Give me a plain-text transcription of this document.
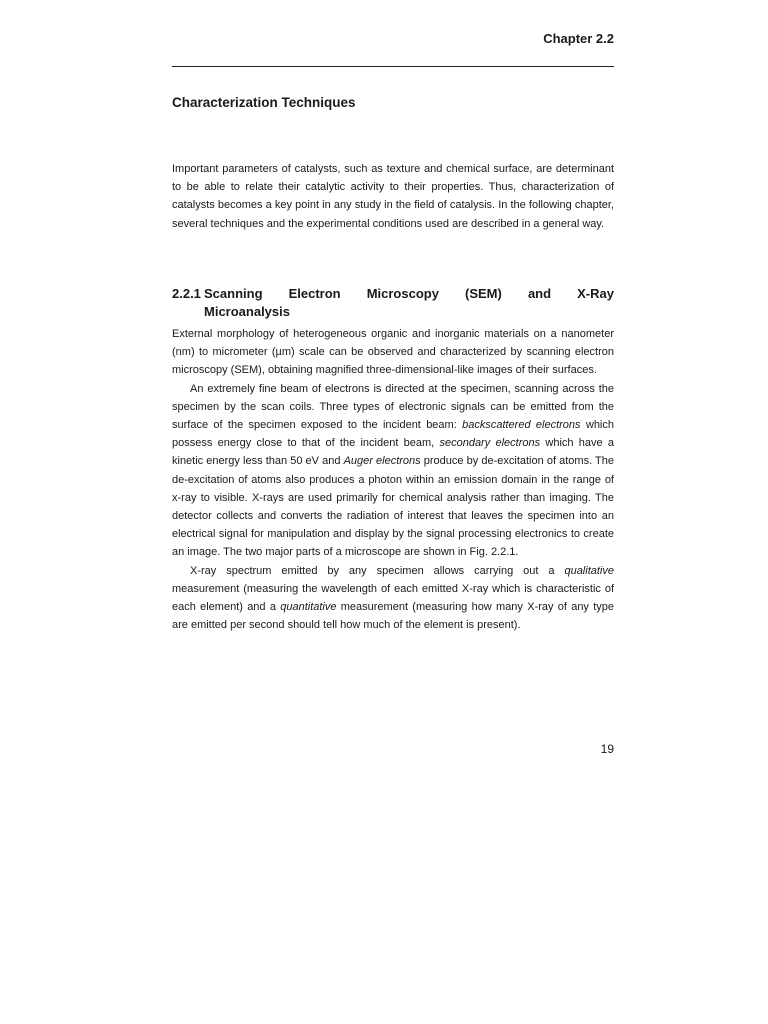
Chapter 2.2
Characterization Techniques

Important parameters of catalysts, such as texture and chemical surface, are determinant to be able to relate their catalytic activity to their properties. Thus, characterization of catalysts becomes a key point in any study in the field of catalysis. In the following chapter, several techniques and the experimental conditions used are described in a general way.

2.2.1 Scanning Electron Microscopy (SEM) and X-Ray
Microanalysis

External morphology of heterogeneous organic and inorganic materials on a nanometer (nm) to micrometer (µm) scale can be observed and characterized by scanning electron microscopy (SEM), obtaining magnified three-dimensional-like images of their surfaces.

An extremely fine beam of electrons is directed at the specimen, scanning across the specimen by the scan coils. Three types of electronic signals can be emitted from the surface of the specimen exposed to the incident beam: backscattered electrons which possess energy close to that of the incident beam, secondary electrons which have a kinetic energy less than 50 eV and Auger electrons produce by de-excitation of atoms. The de-excitation of atoms also produces a photon within an emission domain in the range of x-ray to visible. X-rays are used primarily for chemical analysis rather than imaging. The detector collects and converts the radiation of interest that leaves the specimen into an electrical signal for manipulation and display by the signal processing electronics to create an image. The two major parts of a microscope are shown in Fig. 2.2.1.

X-ray spectrum emitted by any specimen allows carrying out a qualitative measurement (measuring the wavelength of each emitted X-ray which is characteristic of each element) and a quantitative measurement (measuring how many X-ray of any type are emitted per second should tell how much of the element is present).

19
